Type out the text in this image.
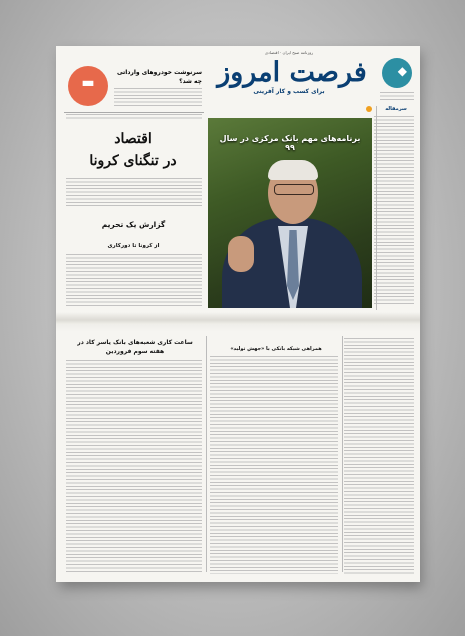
روزنامه صبح ایران · اقتصادی
فرصت امروز
برای کسب و کار آفرینی
◆
سرنوشت خودروهای وارداتی چه شد؟
▬
اقتصاد
در تنگنای کرونا
گزارش یک تحریم
از کرونا تا دورکاری
برنامه‌های مهم بانک مرکزی در سال ۹۹
سرمقاله
ساعت کاری شعبه‌های بانک یاسر کاد در هفته سوم فروردین	همراهی شبکه بانکی با «جهش تولید»
